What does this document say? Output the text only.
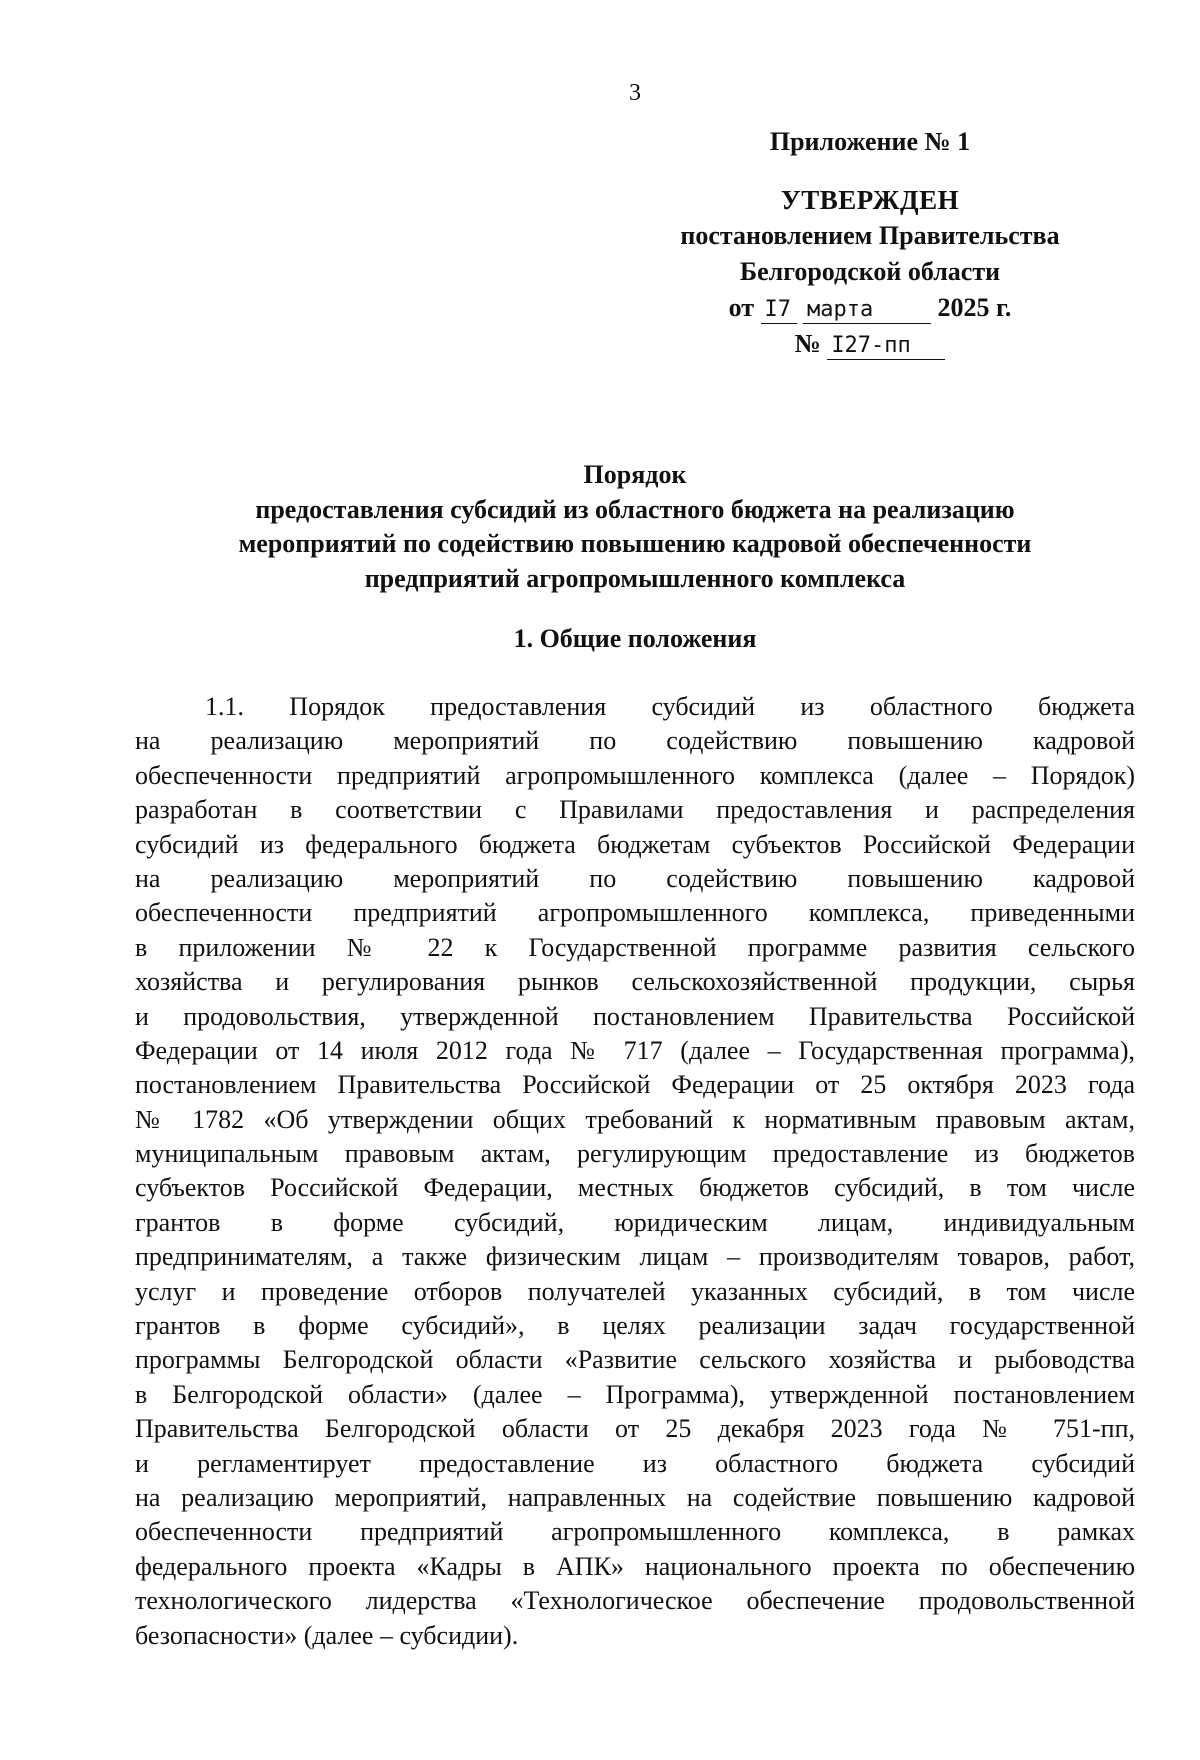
3
Приложение № 1
УТВЕРЖДЕН
постановлением Правительства
Белгородской области
от I7 марта 2025 г.
№ I27-пп
Порядок
предоставления субсидий из областного бюджета на реализацию
мероприятий по содействию повышению кадровой обеспеченности
предприятий агропромышленного комплекса
1. Общие положения
1.1. Порядок предоставления субсидий из областного бюджета
на реализацию мероприятий по содействию повышению кадровой
обеспеченности предприятий агропромышленного комплекса (далее – Порядок)
разработан в соответствии с Правилами предоставления и распределения
субсидий из федерального бюджета бюджетам субъектов Российской Федерации
на реализацию мероприятий по содействию повышению кадровой
обеспеченности предприятий агропромышленного комплекса, приведенными
в приложении № 22 к Государственной программе развития сельского
хозяйства и регулирования рынков сельскохозяйственной продукции, сырья
и продовольствия, утвержденной постановлением Правительства Российской
Федерации от 14 июля 2012 года № 717 (далее – Государственная программа),
постановлением Правительства Российской Федерации от 25 октября 2023 года
№ 1782 «Об утверждении общих требований к нормативным правовым актам,
муниципальным правовым актам, регулирующим предоставление из бюджетов
субъектов Российской Федерации, местных бюджетов субсидий, в том числе
грантов в форме субсидий, юридическим лицам, индивидуальным
предпринимателям, а также физическим лицам – производителям товаров, работ,
услуг и проведение отборов получателей указанных субсидий, в том числе
грантов в форме субсидий», в целях реализации задач государственной
программы Белгородской области «Развитие сельского хозяйства и рыбоводства
в Белгородской области» (далее – Программа), утвержденной постановлением
Правительства Белгородской области от 25 декабря 2023 года № 751-пп,
и регламентирует предоставление из областного бюджета субсидий
на реализацию мероприятий, направленных на содействие повышению кадровой
обеспеченности предприятий агропромышленного комплекса, в рамках
федерального проекта «Кадры в АПК» национального проекта по обеспечению
технологического лидерства «Технологическое обеспечение продовольственной
безопасности» (далее – субсидии).
